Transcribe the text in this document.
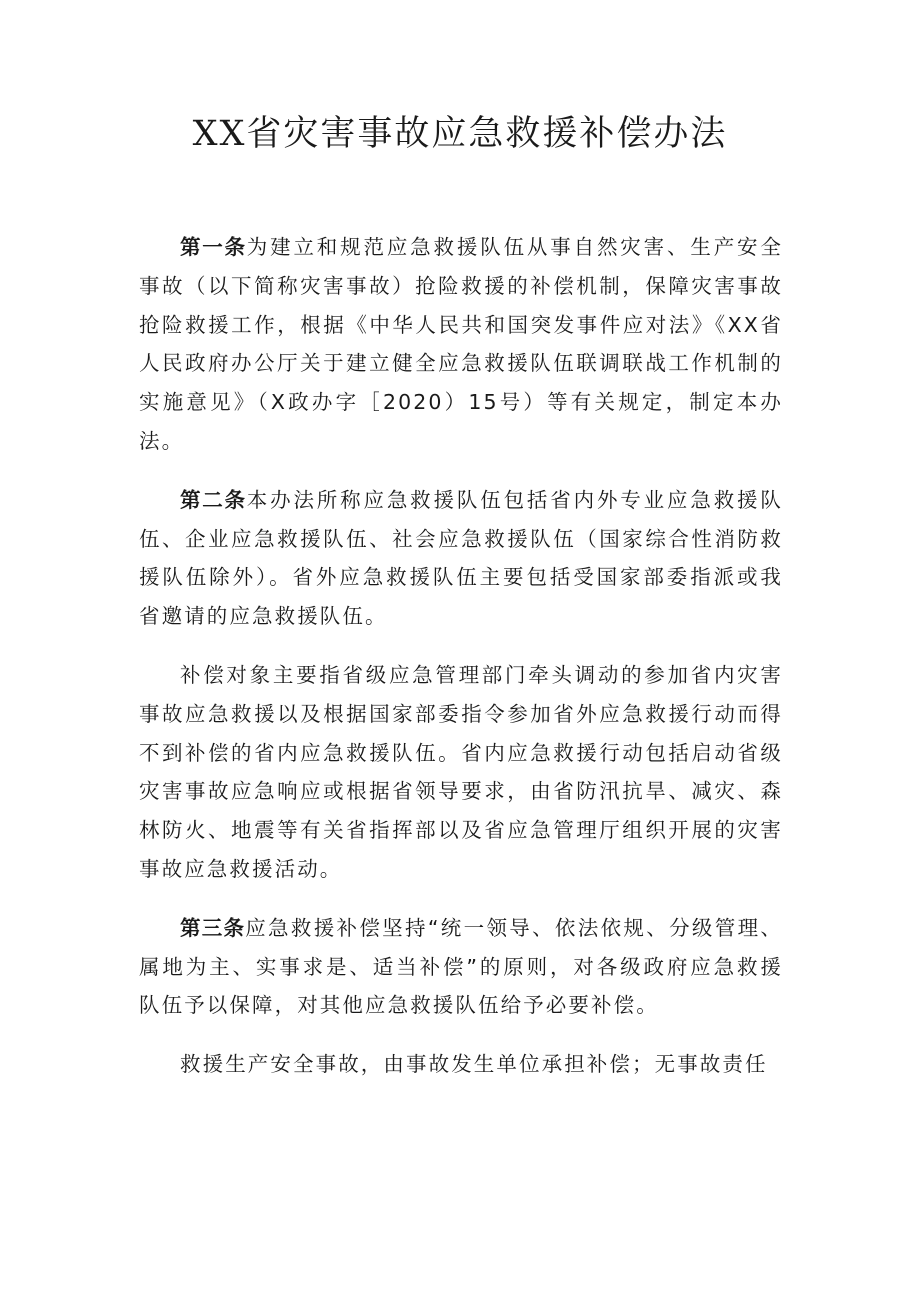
XX省灾害事故应急救援补偿办法

第一条为建立和规范应急救援队伍从事自然灾害、生产安全事故（以下简称灾害事故）抢险救援的补偿机制，保障灾害事故抢险救援工作，根据《中华人民共和国突发事件应对法》《XX省人民政府办公厅关于建立健全应急救援队伍联调联战工作机制的实施意见》（X政办字［2020）15号）等有关规定，制定本办法。

第二条本办法所称应急救援队伍包括省内外专业应急救援队伍、企业应急救援队伍、社会应急救援队伍（国家综合性消防救援队伍除外）。省外应急救援队伍主要包括受国家部委指派或我省邀请的应急救援队伍。

补偿对象主要指省级应急管理部门牵头调动的参加省内灾害事故应急救援以及根据国家部委指令参加省外应急救援行动而得不到补偿的省内应急救援队伍。省内应急救援行动包括启动省级灾害事故应急响应或根据省领导要求，由省防汛抗旱、减灾、森林防火、地震等有关省指挥部以及省应急管理厅组织开展的灾害事故应急救援活动。

第三条应急救援补偿坚持“统一领导、依法依规、分级管理、属地为主、实事求是、适当补偿”的原则，对各级政府应急救援队伍予以保障，对其他应急救援队伍给予必要补偿。

救援生产安全事故，由事故发生单位承担补偿；无事故责任
